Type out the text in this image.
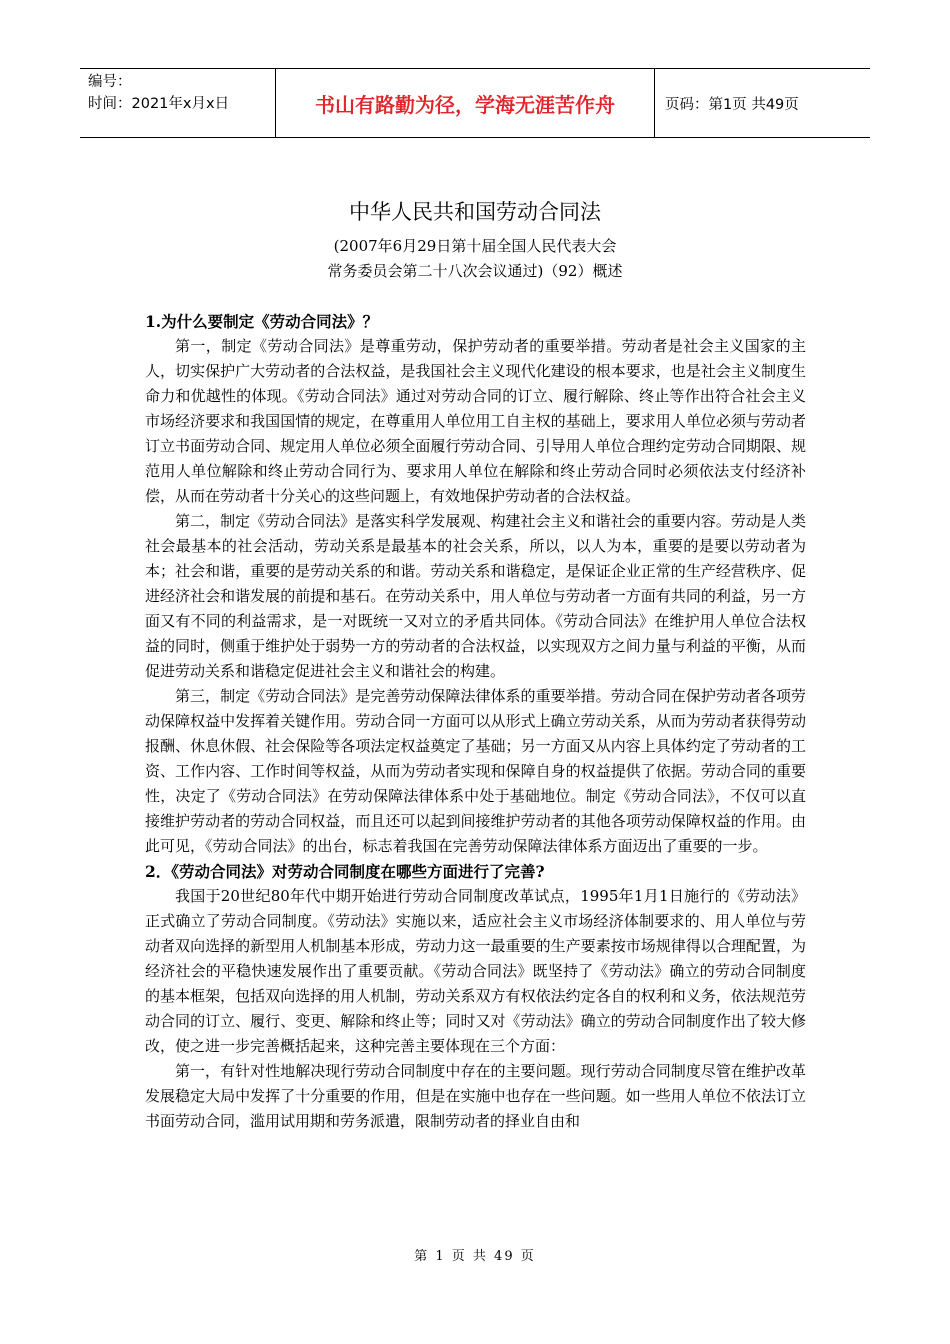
编号：
时间：2021年x月x日	书山有路勤为径，学海无涯苦作舟	页码：第1页 共49页
中华人民共和国劳动合同法
(2007年6月29日第十届全国人民代表大会
常务委员会第二十八次会议通过)（92）概述
1.为什么要制定《劳动合同法》？

第一，制定《劳动合同法》是尊重劳动，保护劳动者的重要举措。劳动者是社会主义国家的主人，切实保护广大劳动者的合法权益，是我国社会主义现代化建设的根本要求，也是社会主义制度生命力和优越性的体现。《劳动合同法》通过对劳动合同的订立、履行解除、终止等作出符合社会主义市场经济要求和我国国情的规定，在尊重用人单位用工自主权的基础上，要求用人单位必须与劳动者订立书面劳动合同、规定用人单位必须全面履行劳动合同、引导用人单位合理约定劳动合同期限、规范用人单位解除和终止劳动合同行为、要求用人单位在解除和终止劳动合同时必须依法支付经济补偿，从而在劳动者十分关心的这些问题上，有效地保护劳动者的合法权益。

第二，制定《劳动合同法》是落实科学发展观、构建社会主义和谐社会的重要内容。劳动是人类社会最基本的社会活动，劳动关系是最基本的社会关系，所以，以人为本，重要的是要以劳动者为本；社会和谐，重要的是劳动关系的和谐。劳动关系和谐稳定，是保证企业正常的生产经营秩序、促进经济社会和谐发展的前提和基石。在劳动关系中，用人单位与劳动者一方面有共同的利益，另一方面又有不同的利益需求，是一对既统一又对立的矛盾共同体。《劳动合同法》在维护用人单位合法权益的同时，侧重于维护处于弱势一方的劳动者的合法权益，以实现双方之间力量与利益的平衡，从而促进劳动关系和谐稳定促进社会主义和谐社会的构建。

第三，制定《劳动合同法》是完善劳动保障法律体系的重要举措。劳动合同在保护劳动者各项劳动保障权益中发挥着关键作用。劳动合同一方面可以从形式上确立劳动关系，从而为劳动者获得劳动报酬、休息休假、社会保险等各项法定权益奠定了基础；另一方面又从内容上具体约定了劳动者的工资、工作内容、工作时间等权益，从而为劳动者实现和保障自身的权益提供了依据。劳动合同的重要性，决定了《劳动合同法》在劳动保障法律体系中处于基础地位。制定《劳动合同法》，不仅可以直接维护劳动者的劳动合同权益，而且还可以起到间接维护劳动者的其他各项劳动保障权益的作用。由此可见，《劳动合同法》的出台，标志着我国在完善劳动保障法律体系方面迈出了重要的一步。

2．《劳动合同法》对劳动合同制度在哪些方面进行了完善?

我国于20世纪80年代中期开始进行劳动合同制度改革试点，1995年1月1日施行的《劳动法》正式确立了劳动合同制度。《劳动法》实施以来，适应社会主义市场经济体制要求的、用人单位与劳动者双向选择的新型用人机制基本形成，劳动力这一最重要的生产要素按市场规律得以合理配置，为经济社会的平稳快速发展作出了重要贡献。《劳动合同法》既坚持了《劳动法》确立的劳动合同制度的基本框架，包括双向选择的用人机制，劳动关系双方有权依法约定各自的权利和义务，依法规范劳动合同的订立、履行、变更、解除和终止等；同时又对《劳动法》确立的劳动合同制度作出了较大修改，使之进一步完善概括起来，这种完善主要体现在三个方面：

第一，有针对性地解决现行劳动合同制度中存在的主要问题。现行劳动合同制度尽管在维护改革发展稳定大局中发挥了十分重要的作用，但是在实施中也存在一些问题。如一些用人单位不依法订立书面劳动合同，滥用试用期和劳务派遣，限制劳动者的择业自由和

第 1 页 共 49 页
